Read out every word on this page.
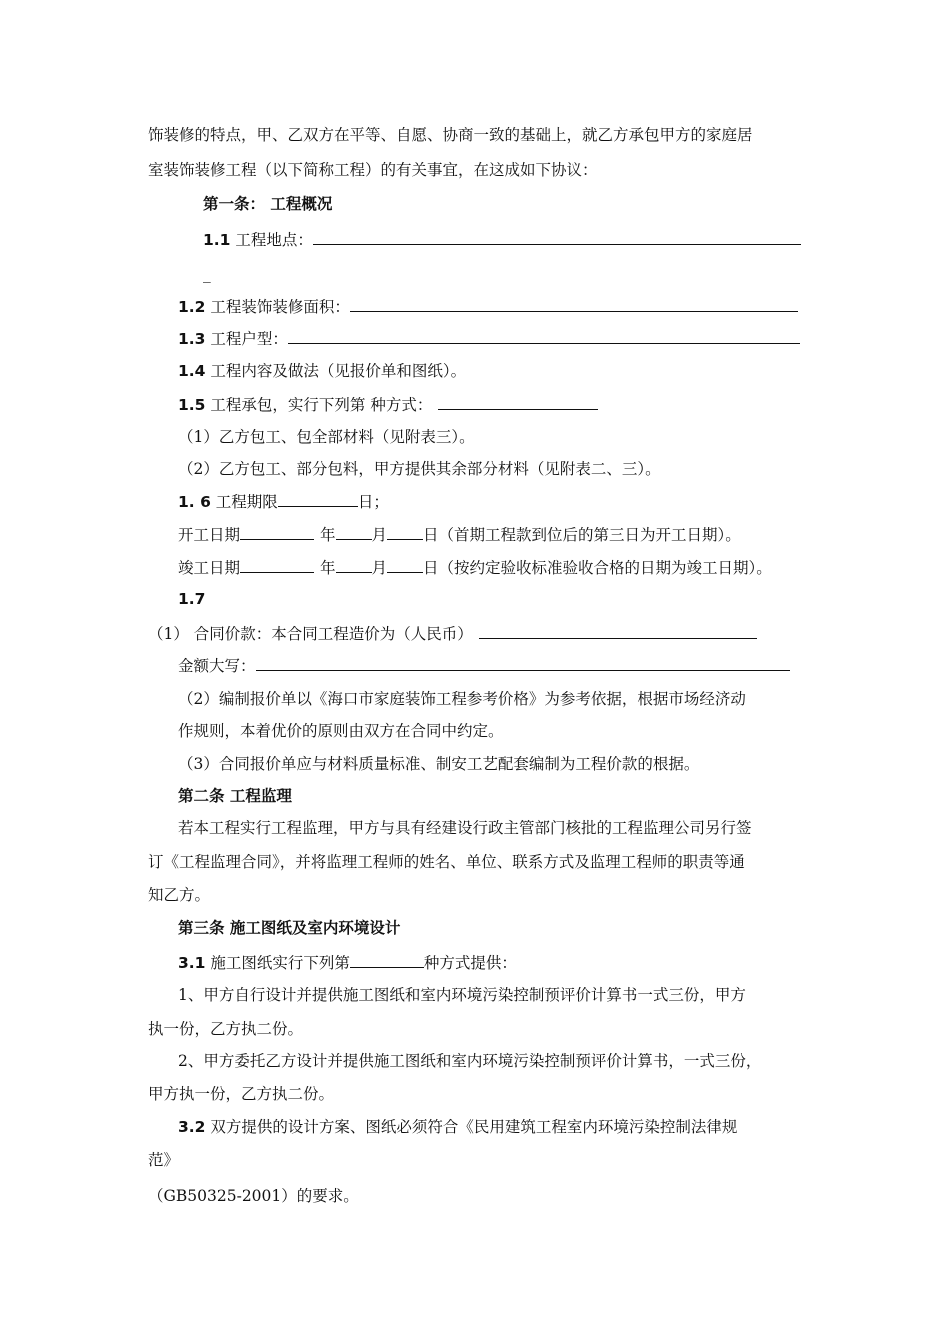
饰装修的特点，甲、乙双方在平等、自愿、协商一致的基础上，就乙方承包甲方的家庭居
室装饰装修工程（以下简称工程）的有关事宜，在这成如下协议：
第一条： 工程概况
1.1 工程地点：
_
1.2 工程装饰装修面积：
1.3 工程户型：
1.4 工程内容及做法（见报价单和图纸）。
1.5 工程承包，实行下列第 种方式：
（1）乙方包工、包全部材料（见附表三）。
（2）乙方包工、部分包料，甲方提供其余部分材料（见附表二、三）。
1. 6 工程期限	日；
开工日期	年 月 日（首期工程款到位后的第三日为开工日期）。
竣工日期	年 月 日（按约定验收标准验收合格的日期为竣工日期）。
1.7
（1） 合同价款：本合同工程造价为（人民币）
金额大写：
（2）编制报价单以《海口市家庭装饰工程参考价格》为参考依据，根据市场经济动
作规则，本着优价的原则由双方在合同中约定。
（3）合同报价单应与材料质量标准、制安工艺配套编制为工程价款的根据。
第二条 工程监理
若本工程实行工程监理，甲方与具有经建设行政主管部门核批的工程监理公司另行签
订《工程监理合同》，并将监理工程师的姓名、单位、联系方式及监理工程师的职责等通
知乙方。
第三条 施工图纸及室内环境设计
3.1 施工图纸实行下列第	种方式提供：
1、甲方自行设计并提供施工图纸和室内环境污染控制预评价计算书一式三份，甲方
执一份，乙方执二份。
2、甲方委托乙方设计并提供施工图纸和室内环境污染控制预评价计算书，一式三份，
甲方执一份，乙方执二份。
3.2 双方提供的设计方案、图纸必须符合《民用建筑工程室内环境污染控制法律规
范》
（GB50325-2001）的要求。
